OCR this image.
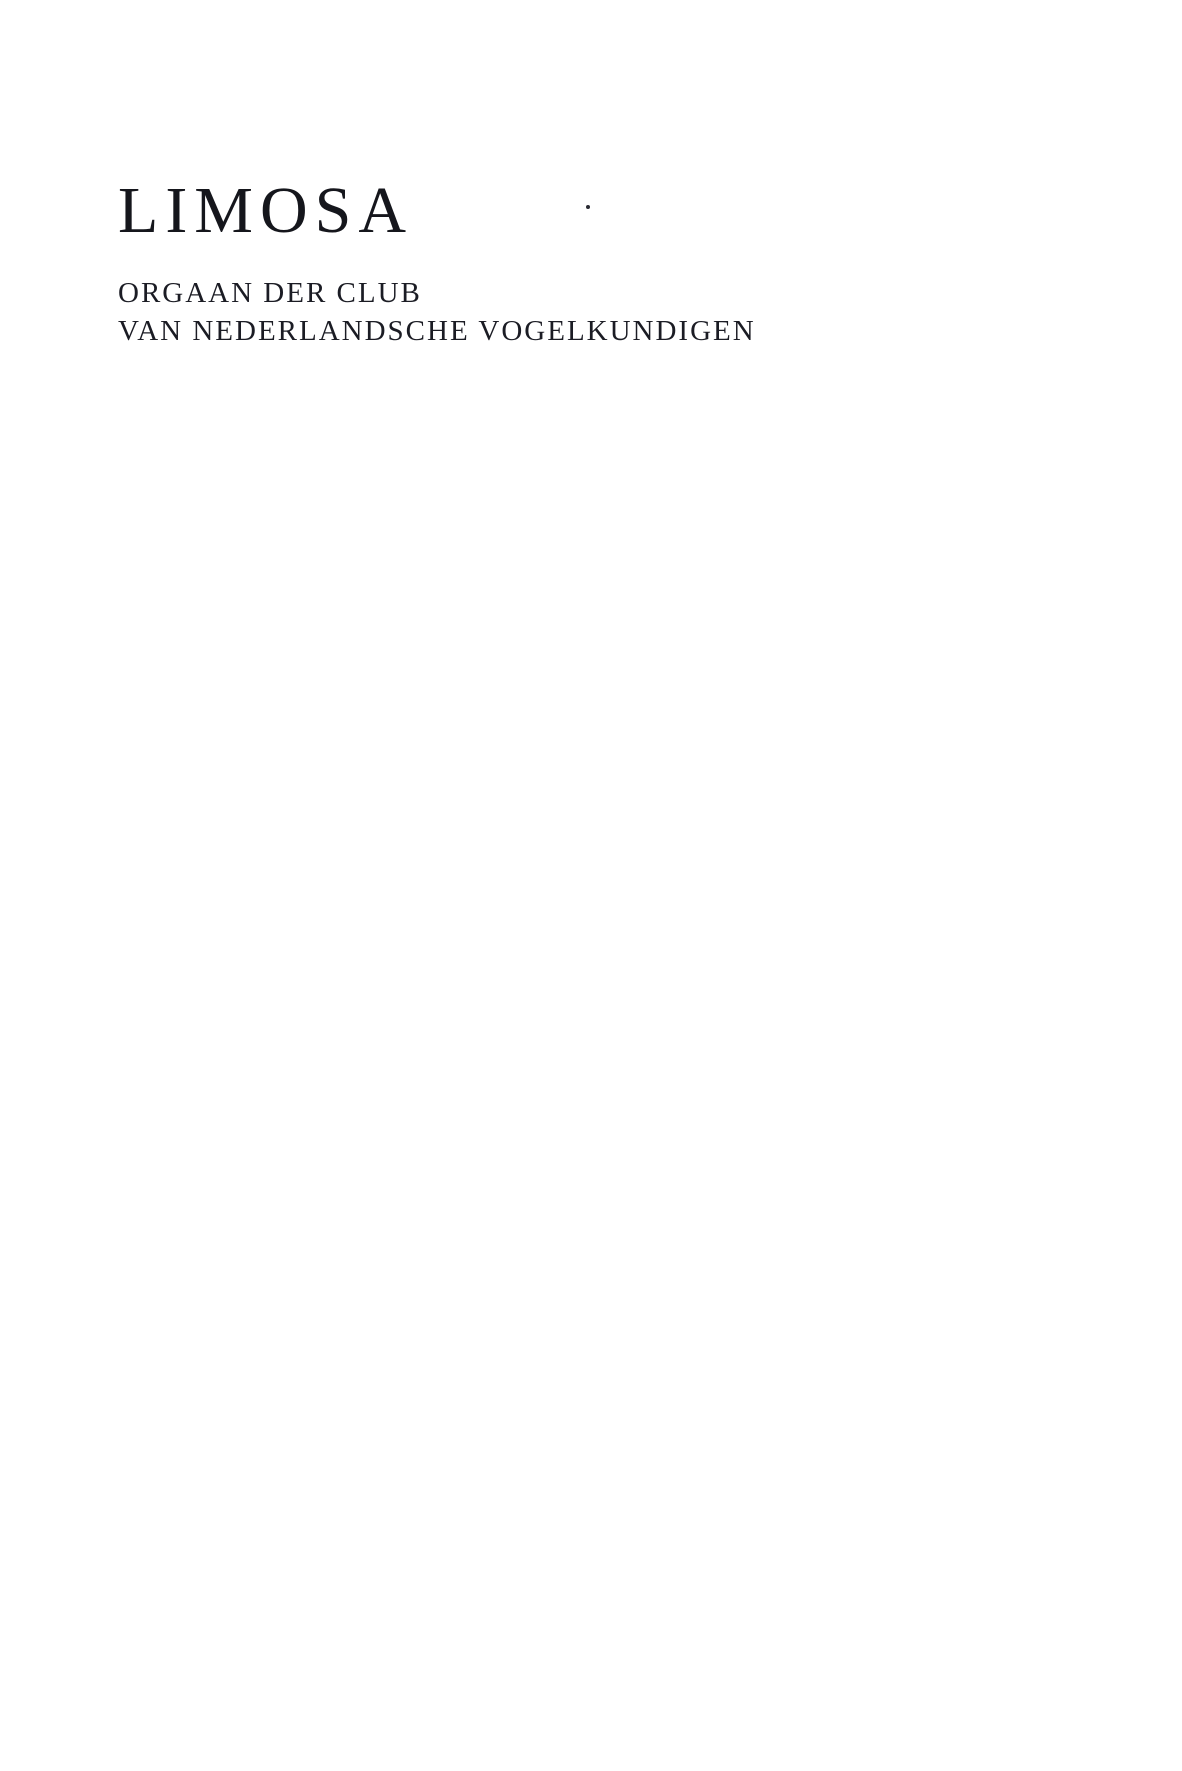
LIMOSA

ORGAAN DER CLUB

VAN NEDERLANDSCHE VOGELKUNDIGEN
